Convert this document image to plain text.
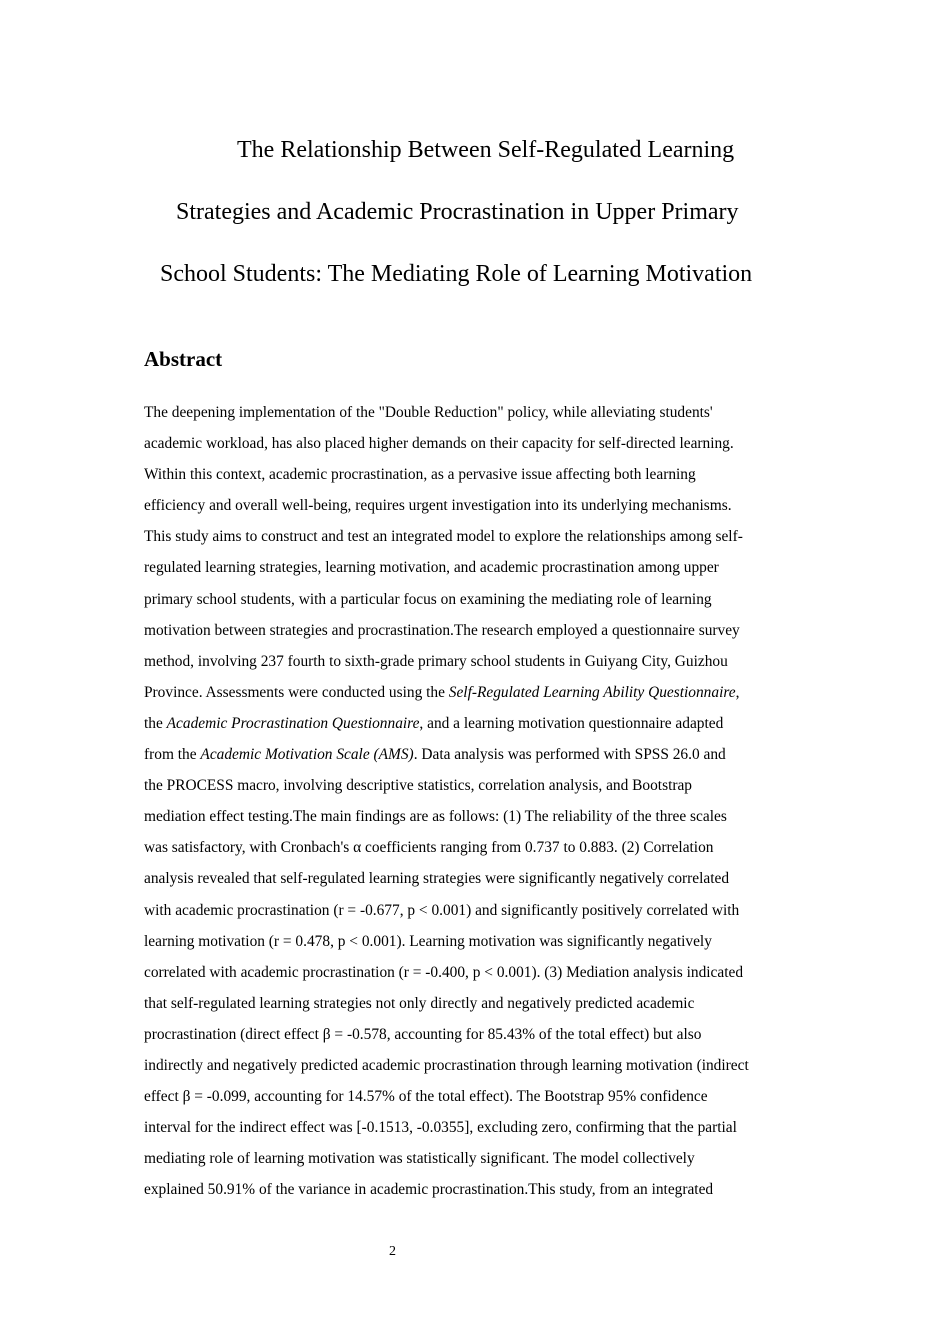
The Relationship Between Self-Regulated Learning
Strategies and Academic Procrastination in Upper Primary
School Students: The Mediating Role of Learning Motivation
Abstract
The deepening implementation of the "Double Reduction" policy, while alleviating students'
academic workload, has also placed higher demands on their capacity for self-directed learning.
Within this context, academic procrastination, as a pervasive issue affecting both learning
efficiency and overall well-being, requires urgent investigation into its underlying mechanisms.
This study aims to construct and test an integrated model to explore the relationships among self-
regulated learning strategies, learning motivation, and academic procrastination among upper
primary school students, with a particular focus on examining the mediating role of learning
motivation between strategies and procrastination.The research employed a questionnaire survey
method, involving 237 fourth to sixth-grade primary school students in Guiyang City, Guizhou
Province. Assessments were conducted using the Self-Regulated Learning Ability Questionnaire,
the Academic Procrastination Questionnaire, and a learning motivation questionnaire adapted
from the Academic Motivation Scale (AMS). Data analysis was performed with SPSS 26.0 and
the PROCESS macro, involving descriptive statistics, correlation analysis, and Bootstrap
mediation effect testing.The main findings are as follows: (1) The reliability of the three scales
was satisfactory, with Cronbach's α coefficients ranging from 0.737 to 0.883. (2) Correlation
analysis revealed that self-regulated learning strategies were significantly negatively correlated
with academic procrastination (r = -0.677, p < 0.001) and significantly positively correlated with
learning motivation (r = 0.478, p < 0.001). Learning motivation was significantly negatively
correlated with academic procrastination (r = -0.400, p < 0.001). (3) Mediation analysis indicated
that self-regulated learning strategies not only directly and negatively predicted academic
procrastination (direct effect β = -0.578, accounting for 85.43% of the total effect) but also
indirectly and negatively predicted academic procrastination through learning motivation (indirect
effect β = -0.099, accounting for 14.57% of the total effect). The Bootstrap 95% confidence
interval for the indirect effect was [-0.1513, -0.0355], excluding zero, confirming that the partial
mediating role of learning motivation was statistically significant. The model collectively
explained 50.91% of the variance in academic procrastination.This study, from an integrated
2
